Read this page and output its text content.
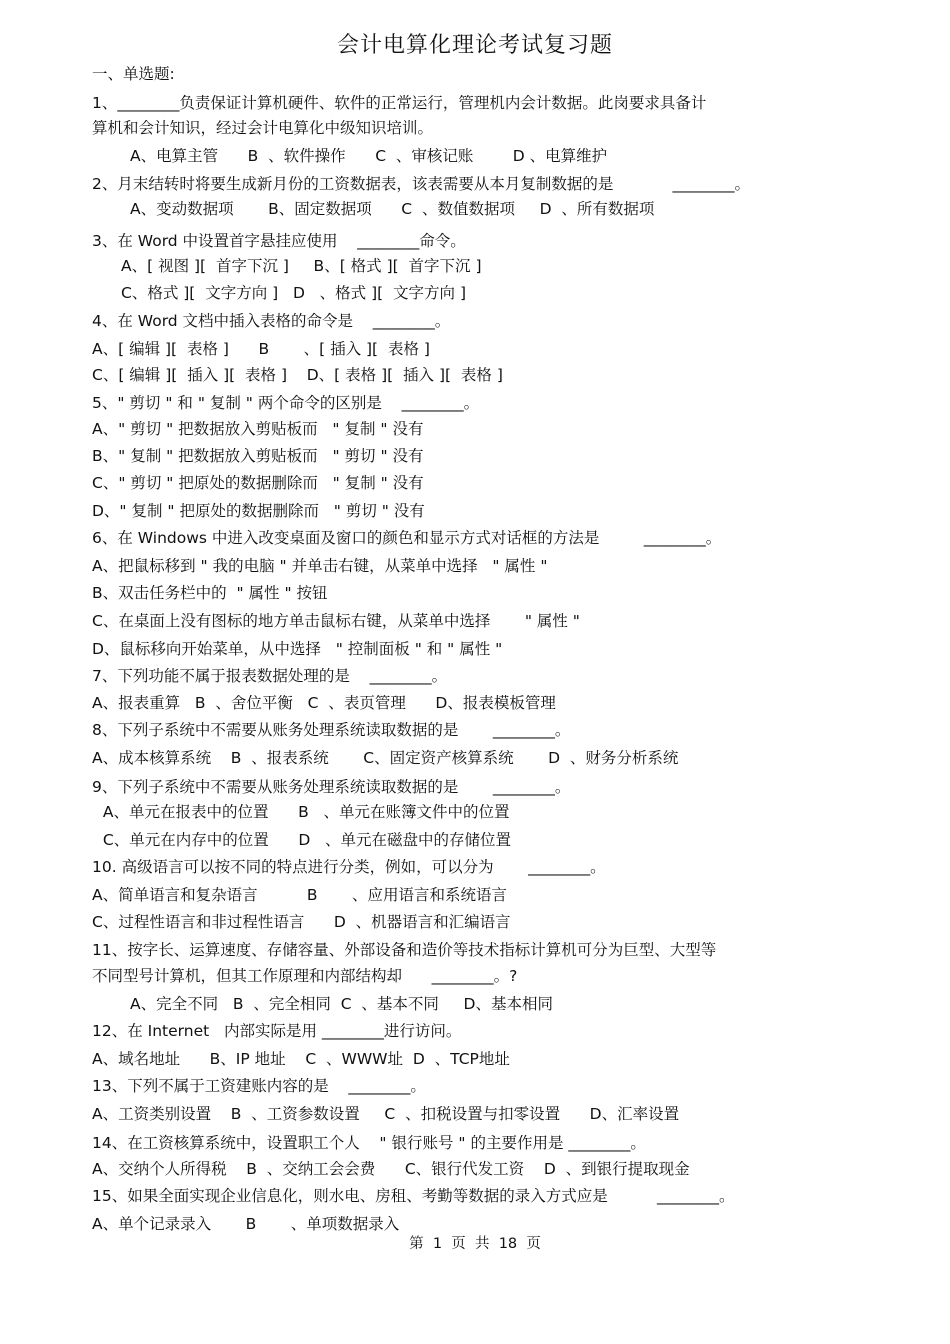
会计电算化理论考试复习题
一、单选题:
1、________负责保证计算机硬件、软件的正常运行，管理机内会计数据。此岗要求具备计
算机和会计知识，经过会计电算化中级知识培训。
A、电算主管      B  、软件操作      C  、审核记账        D 、电算维护
2、月末结转时将要生成新月份的工资数据表，该表需要从本月复制数据的是            ________。
A、变动数据项       B、固定数据项      C  、数值数据项     D  、所有数据项
3、在 Word 中设置首字悬挂应使用    ________命令。
A、[ 视图 ][  首字下沉 ]     B、[ 格式 ][  首字下沉 ]
C、格式 ][  文字方向 ]   D   、格式 ][  文字方向 ]
4、在 Word 文档中插入表格的命令是    ________。
A、[ 编辑 ][  表格 ]      B       、[ 插入 ][  表格 ]
C、[ 编辑 ][  插入 ][  表格 ]    D、[ 表格 ][  插入 ][  表格 ]
5、" 剪切 " 和 " 复制 " 两个命令的区别是    ________。
A、" 剪切 " 把数据放入剪贴板而   " 复制 " 没有
B、" 复制 " 把数据放入剪贴板而   " 剪切 " 没有
C、" 剪切 " 把原处的数据删除而   " 复制 " 没有
D、" 复制 " 把原处的数据删除而   " 剪切 " 没有
6、在 Windows 中进入改变桌面及窗口的颜色和显示方式对话框的方法是         ________。
A、把鼠标移到 " 我的电脑 " 并单击右键，从菜单中选择   " 属性 "
B、双击任务栏中的  " 属性 " 按钮
C、在桌面上没有图标的地方单击鼠标右键，从菜单中选择       " 属性 "
D、鼠标移向开始菜单，从中选择   " 控制面板 " 和 " 属性 "
7、下列功能不属于报表数据处理的是    ________。
A、报表重算   B  、舍位平衡   C  、表页管理      D、报表模板管理
8、下列子系统中不需要从账务处理系统读取数据的是       ________。
A、成本核算系统    B  、报表系统       C、固定资产核算系统       D  、财务分析系统
9、下列子系统中不需要从账务处理系统读取数据的是       ________。
A、单元在报表中的位置      B   、单元在账簿文件中的位置
C、单元在内存中的位置      D   、单元在磁盘中的存储位置
10. 高级语言可以按不同的特点进行分类，例如，可以分为       ________。
A、简单语言和复杂语言          B       、应用语言和系统语言
C、过程性语言和非过程性语言      D  、机器语言和汇编语言
11、按字长、运算速度、存储容量、外部设备和造价等技术指标计算机可分为巨型、大型等
不同型号计算机，但其工作原理和内部结构却      ________。?
A、完全不同   B  、完全相同  C  、基本不同     D、基本相同
12、在 Internet   内部实际是用 ________进行访问。
A、域名地址      B、IP 地址    C  、WWW址  D  、TCP地址
13、下列不属于工资建账内容的是    ________。
A、工资类别设置    B  、工资参数设置     C  、扣税设置与扣零设置      D、汇率设置
14、在工资核算系统中，设置职工个人    " 银行账号 " 的主要作用是 ________。
A、交纳个人所得税    B  、交纳工会会费      C、银行代发工资    D  、到银行提取现金
15、如果全面实现企业信息化，则水电、房租、考勤等数据的录入方式应是          ________。
A、单个记录录入       B       、单项数据录入
第  1  页  共  18  页
